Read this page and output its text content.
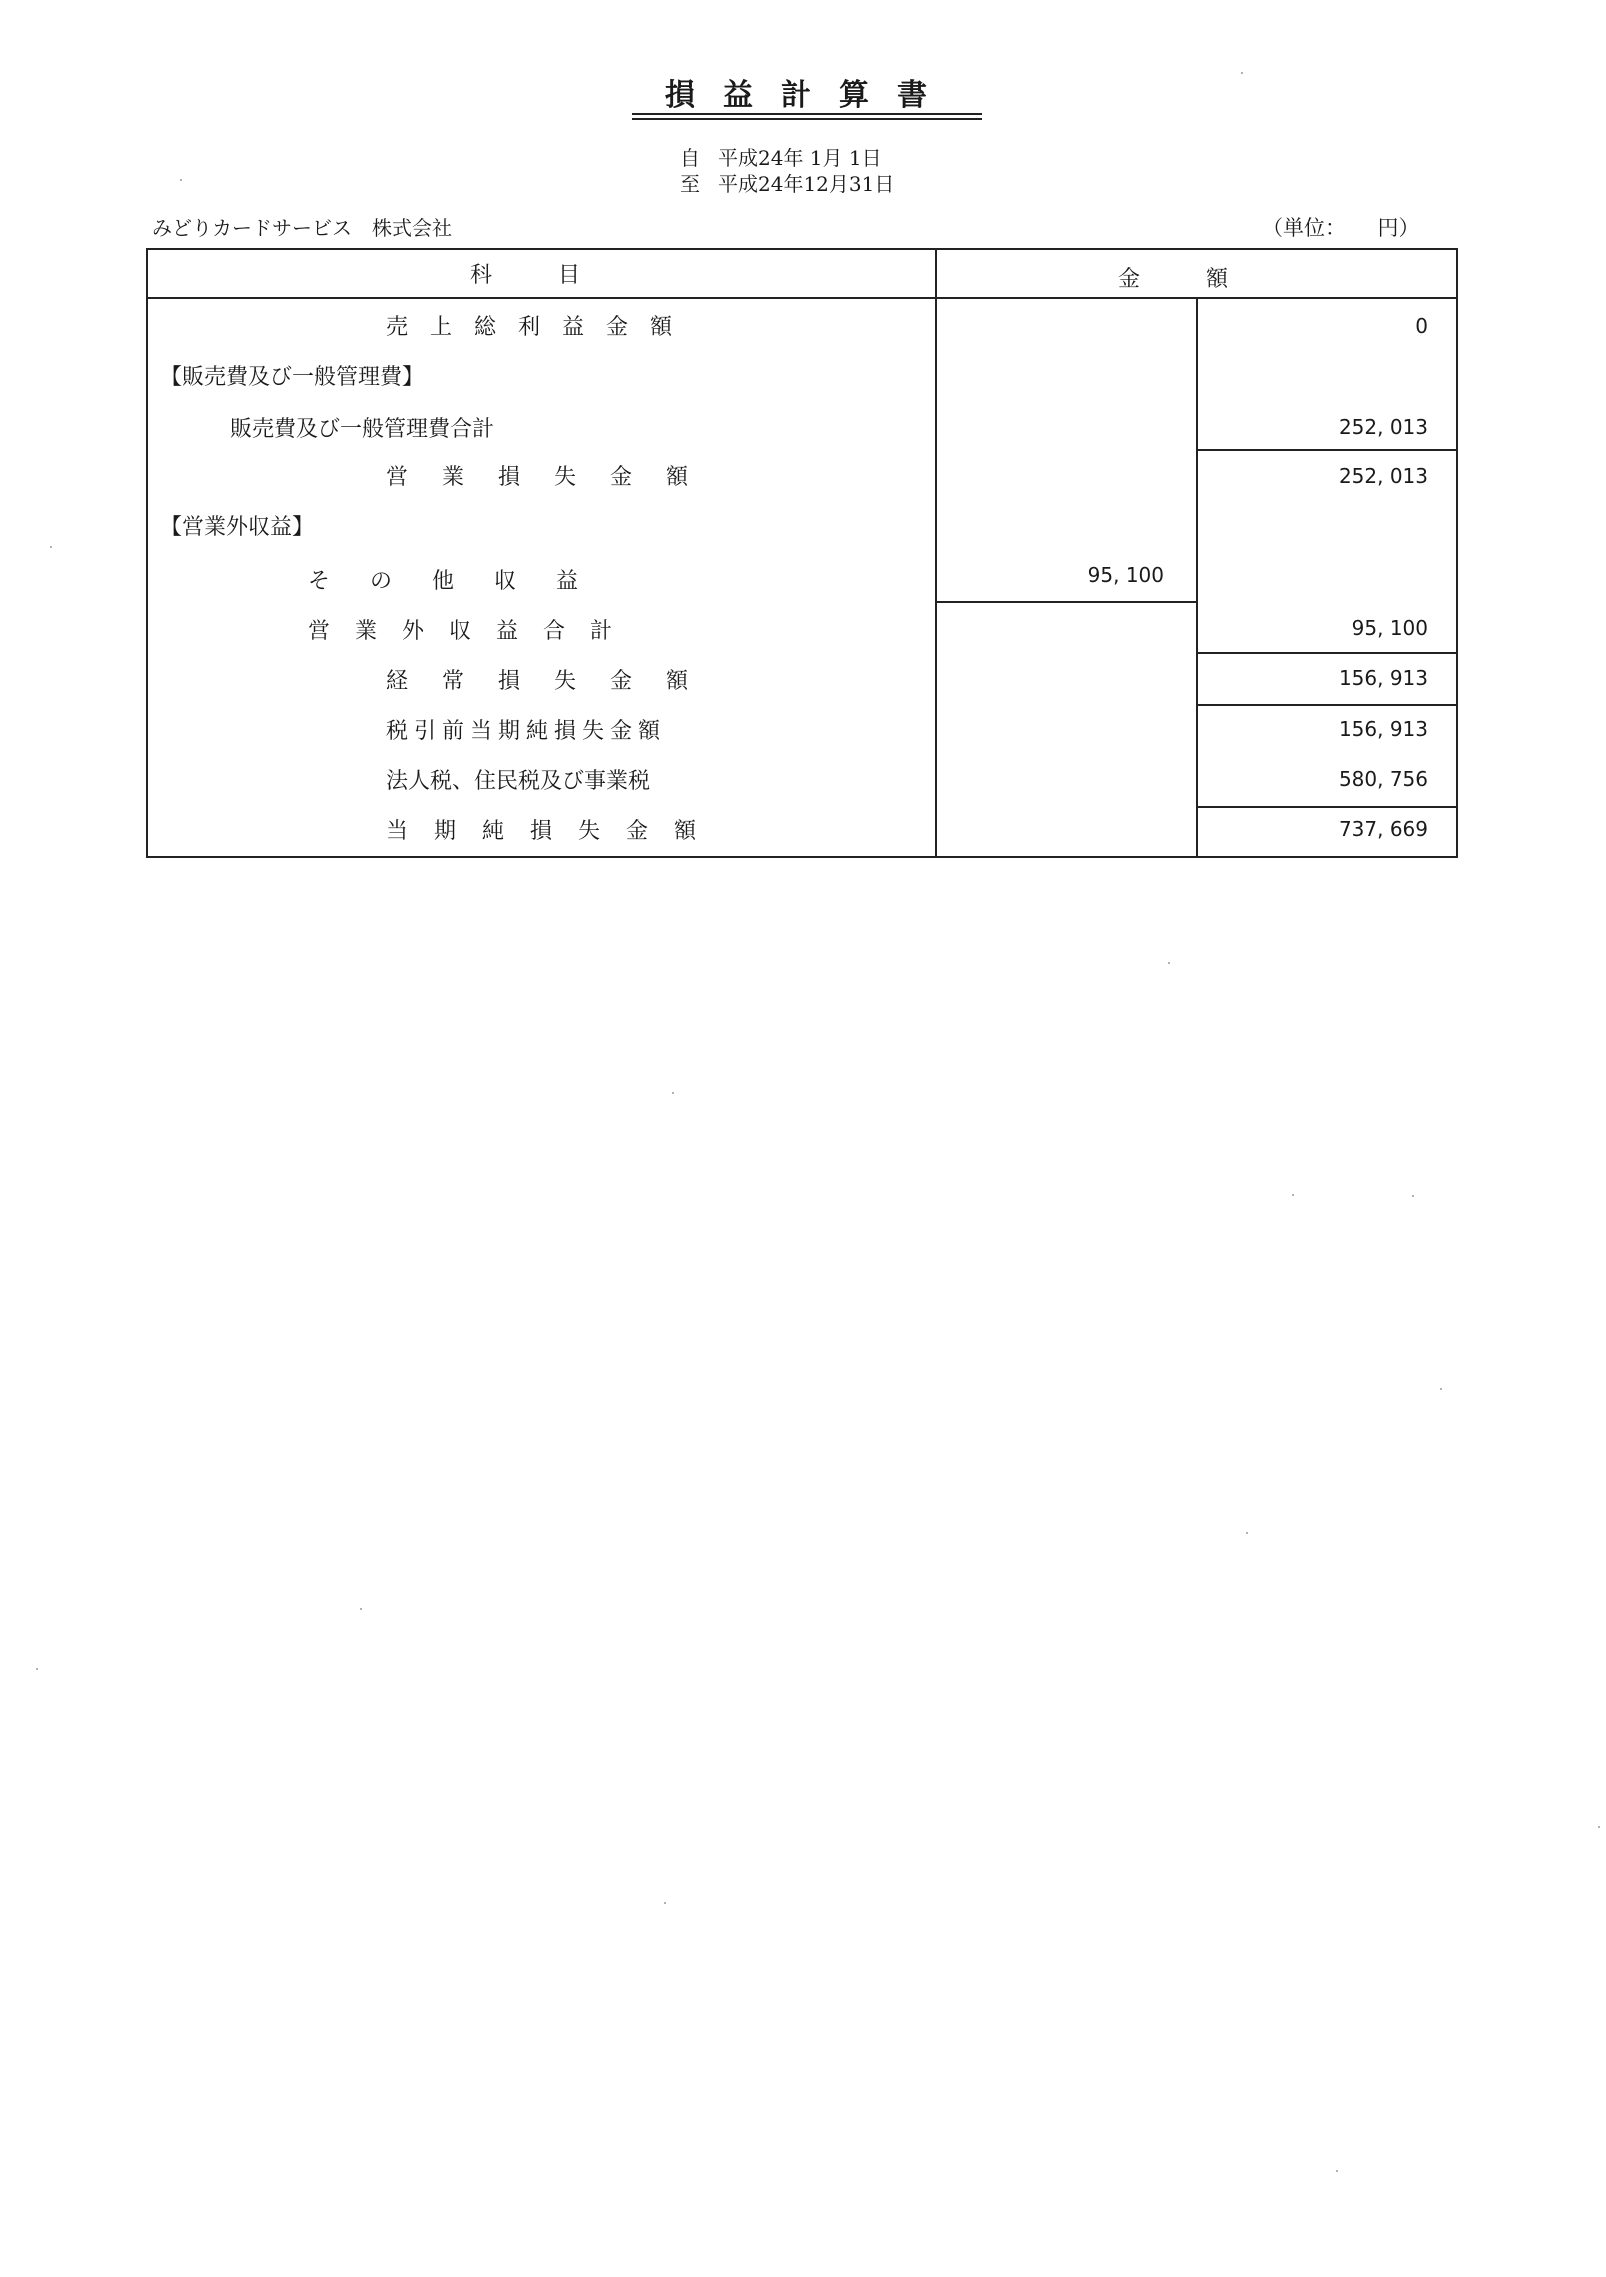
損益計算書
自 平成24年 1月 1日
至 平成24年12月31日
みどりカードサービス　株式会社	（単位：　　円）
科　　　目	金　　　額
売上総利益金額
【販売費及び一般管理費】
販売費及び一般管理費合計
営業損失金額
【営業外収益】
その他収益
営業外収益合計
経常損失金額
税引前当期純損失金額
法人税、住民税及び事業税
当期純損失金額
0
252, 013
252, 013
95, 100
156, 913
156, 913
580, 756
737, 669
95, 100
